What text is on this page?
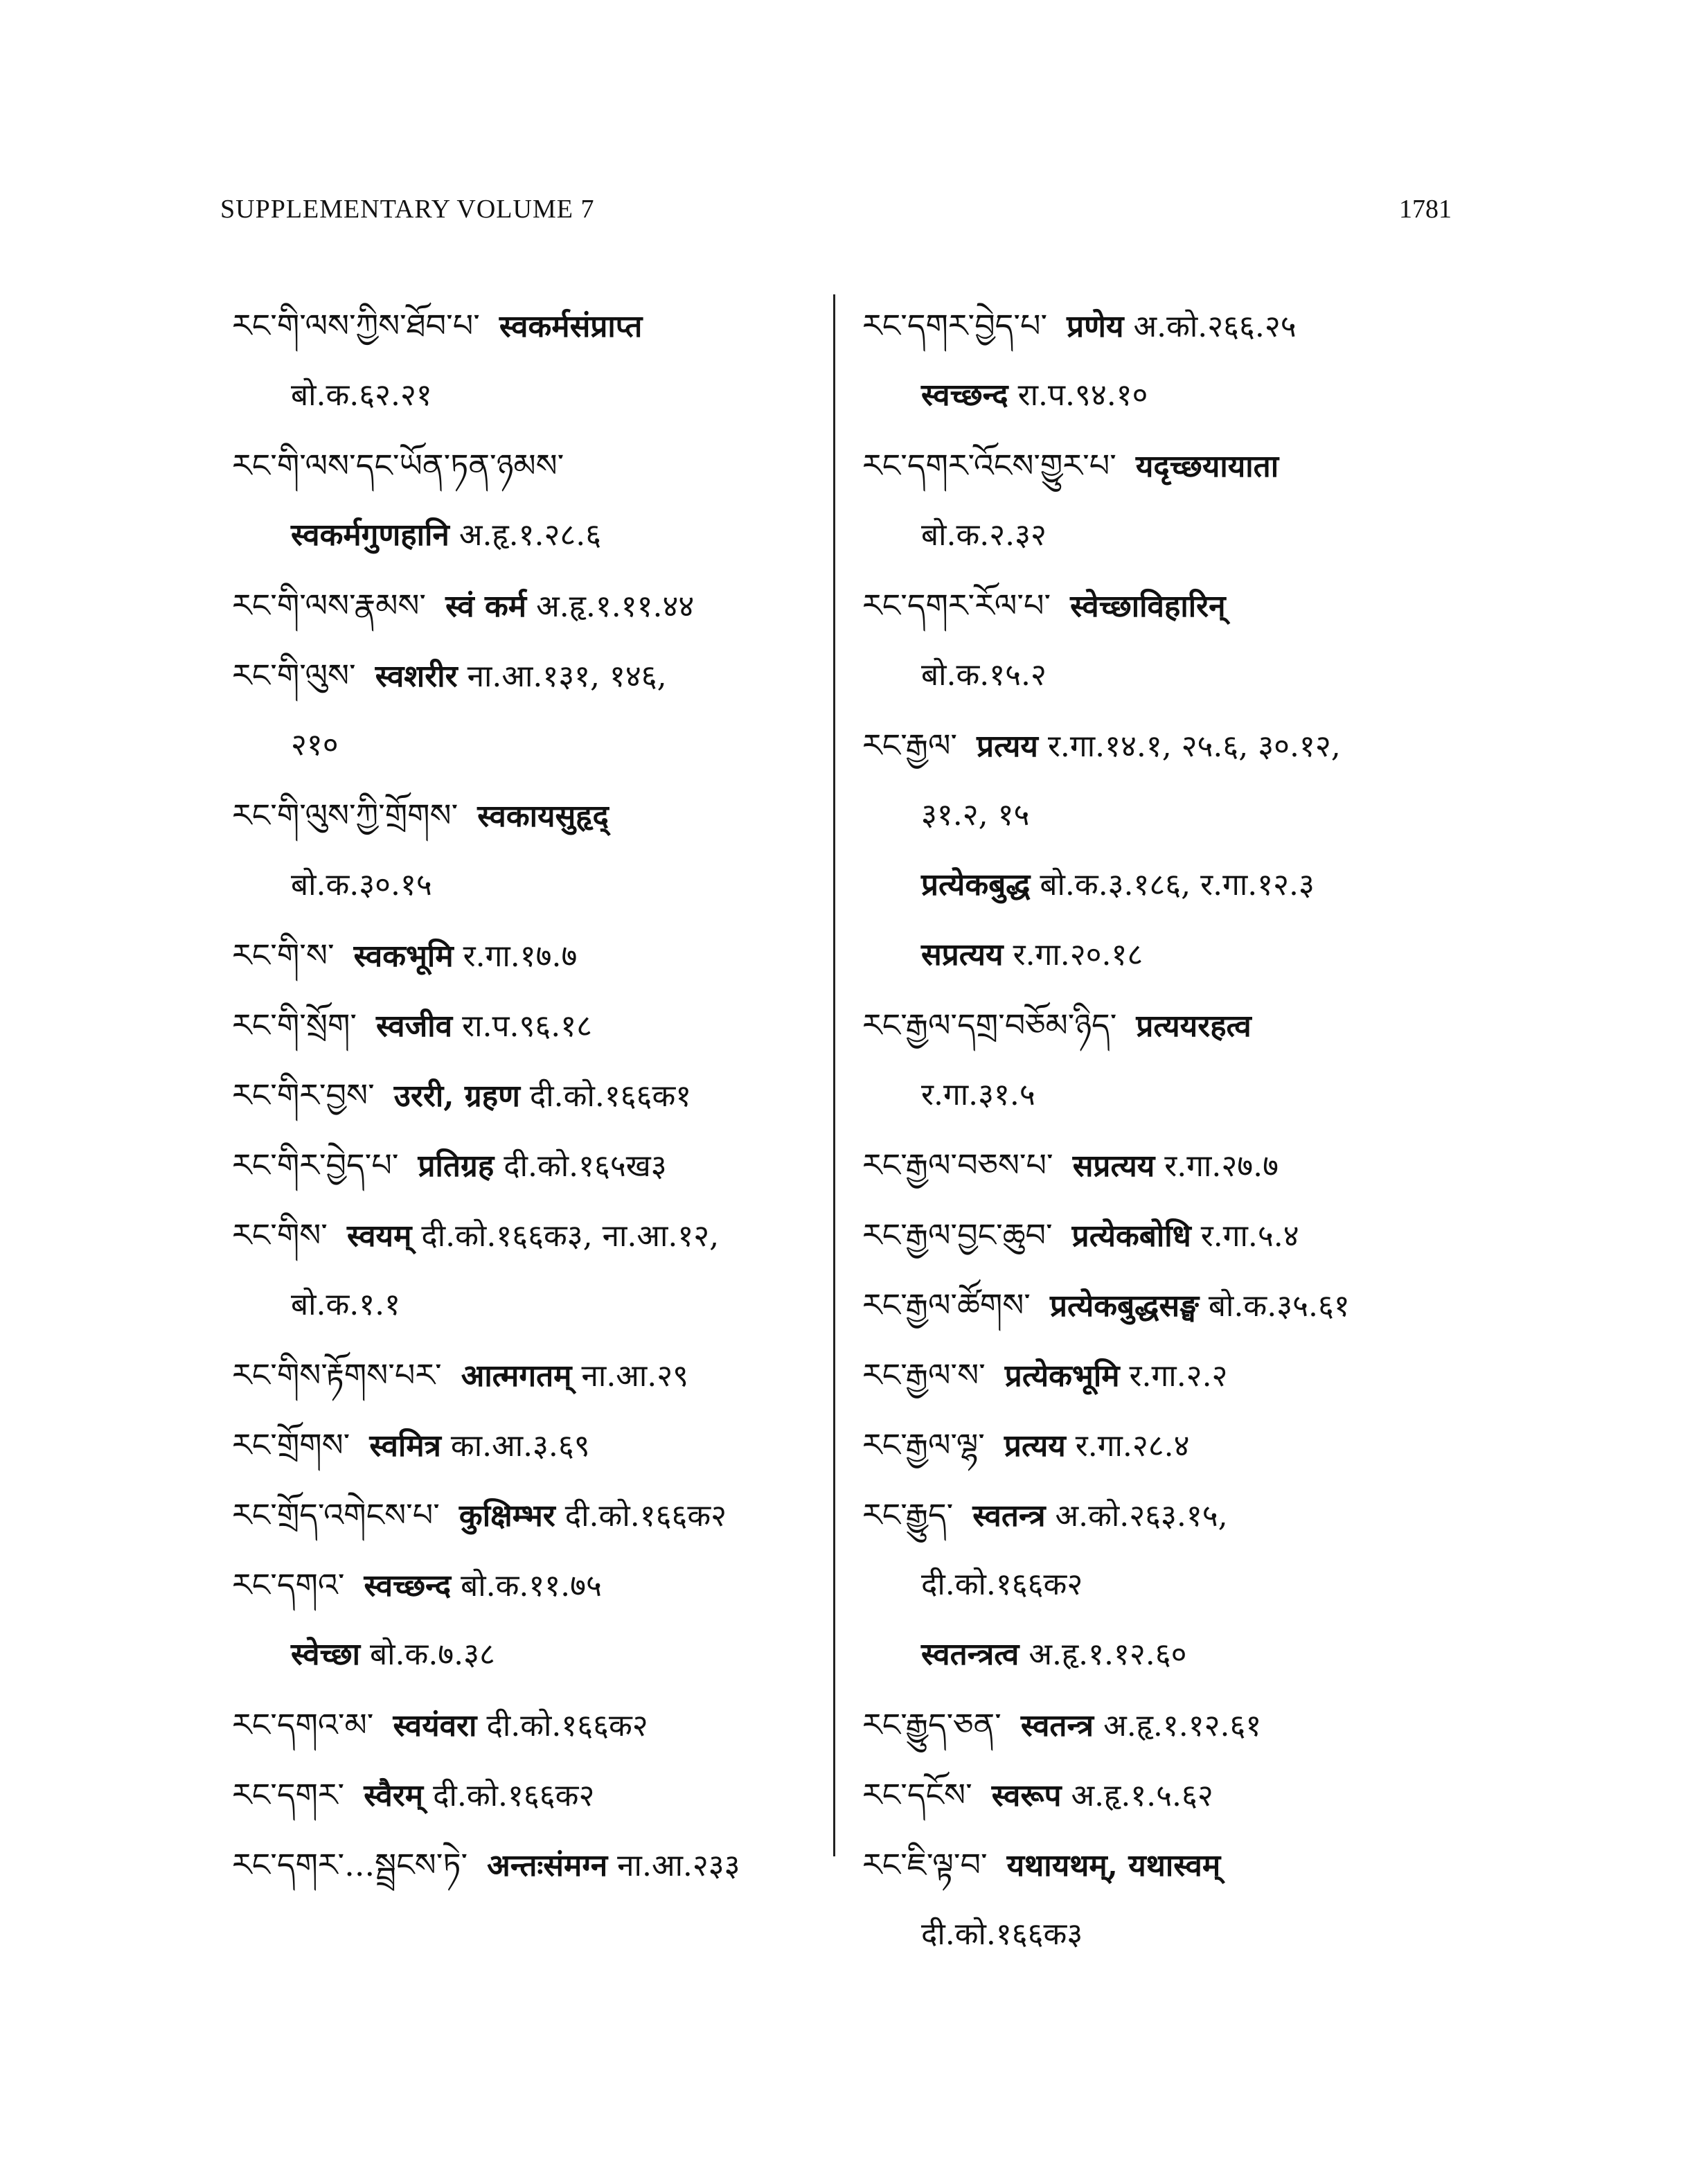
SUPPLEMENTARY VOLUME 7	1781
རང་གི་ལས་ཀྱིས་ཐོབ་པ་ स्वकर्मसंप्राप्त
बो.क.६२.२१
རང་གི་ལས་དང་ཡོན་ཏན་ཉམས་
स्वकर्मगुणहानि अ.हृ.१.२८.६
རང་གི་ལས་རྣམས་ स्वं कर्म अ.हृ.१.११.४४
རང་གི་ལུས་ स्वशरीर ना.आ.१३१, १४६,
२१०
རང་གི་ལུས་ཀྱི་གྲོགས་ स्वकायसुहृद्
बो.क.३०.१५
རང་གི་ས་ स्वकभूमि र.गा.१७.७
རང་གི་སྲོག་ स्वजीव रा.प.९६.१८
རང་གིར་བྱས་ उररी, ग्रहण दी.को.१६६क१
རང་གིར་བྱེད་པ་ प्रतिग्रह दी.को.१६५ख३
རང་གིས་ स्वयम् दी.को.१६६क३, ना.आ.१२,
बो.क.१.१
རང་གིས་རྟོགས་པར་ आत्मगतम् ना.आ.२९
རང་གྲོགས་ स्वमित्र का.आ.३.६९
རང་གྲོད་འགེངས་པ་ कुक्षिम्भर दी.को.१६६क२
རང་དགའ་ स्वच्छन्द बो.क.११.७५
स्वेच्छा बो.क.७.३८
རང་དགའ་མ་ स्वयंवरा दी.को.१६६क२
རང་དགར་ स्वैरम् दी.को.१६६क२
རང་དགར་...སྦྲངས་ཏེ་ अन्तःसंमग्न ना.आ.२३३
རང་དགར་བྱེད་པ་ प्रणेय अ.को.२६६.२५
स्वच्छन्द रा.प.९४.१०
རང་དགར་འོངས་གྱུར་པ་ यदृच्छयायाता
बो.क.२.३२
རང་དགར་རོལ་པ་ स्वेच्छाविहारिन्
बो.क.१५.२
རང་རྒྱལ་ प्रत्यय र.गा.१४.१, २५.६, ३०.१२,
३१.२, १५
प्रत्येकबुद्ध बो.क.३.१८६, र.गा.१२.३
सप्रत्यय र.गा.२०.१८
རང་རྒྱལ་དགྲ་བཅོམ་ཉིད་ प्रत्ययरहत्व
र.गा.३१.५
རང་རྒྱལ་བཅས་པ་ सप्रत्यय र.गा.२७.७
རང་རྒྱལ་བྱང་ཆུབ་ प्रत्येकबोधि र.गा.५.४
རང་རྒྱལ་ཚོགས་ प्रत्येकबुद्धसङ्घ बो.क.३५.६१
རང་རྒྱལ་ས་ प्रत्येकभूमि र.गा.२.२
རང་རྒྱལ་ལྷ་ प्रत्यय र.गा.२८.४
རང་རྒྱུད་ स्वतन्त्र अ.को.२६३.१५,
दी.को.१६६क२
स्वतन्त्रत्व अ.हृ.१.१२.६०
རང་རྒྱུད་ཅན་ स्वतन्त्र अ.हृ.१.१२.६१
རང་དངོས་ स्वरूप अ.हृ.१.५.६२
རང་ཇི་ལྟ་བ་ यथायथम्, यथास्वम्
दी.को.१६६क३
